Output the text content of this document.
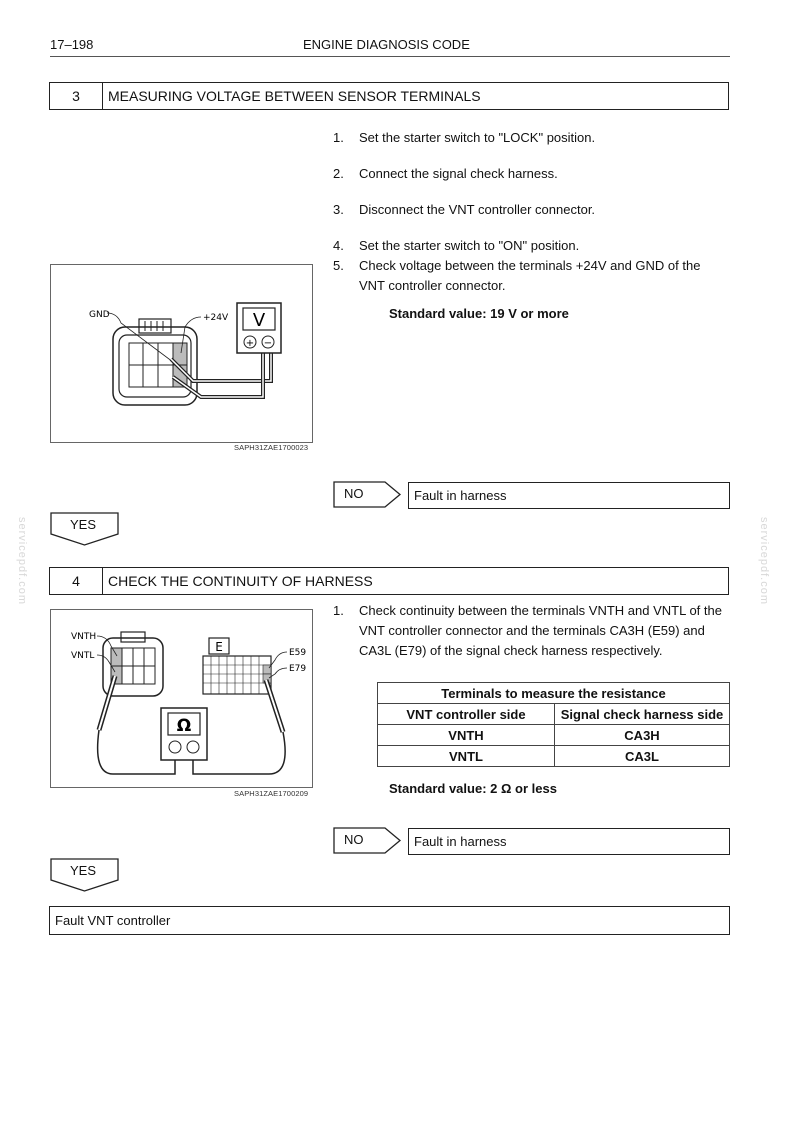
17–198	ENGINE DIAGNOSIS CODE
servicepdf.com	servicepdf.com
3	MEASURING VOLTAGE BETWEEN SENSOR TERMINALS
1. Set the starter switch to "LOCK" position.
2. Connect the signal check harness.
3. Disconnect the VNT controller connector.
4. Set the starter switch to "ON" position.
5. Check voltage between the terminals +24V and GND of the VNT controller connector.
Standard value: 19 V or more
GND	+24V V
+ −
SAPH31ZAE1700023
NO	Fault in harness
YES
4	CHECK THE CONTINUITY OF HARNESS
1. Check continuity between the terminals VNTH and VNTL of the VNT controller connector and the terminals CA3H (E59) and CA3L (E79) of the signal check harness respectively.
Terminals to measure the resistance	
VNT controller side	Signal check harness side
VNTH	CA3H
VNTL	CA3L
Standard value: 2 Ω or less
VNTH
VNTL
E	E59
E79
Ω
SAPH31ZAE1700209
NO	Fault in harness
YES
Fault VNT controller
